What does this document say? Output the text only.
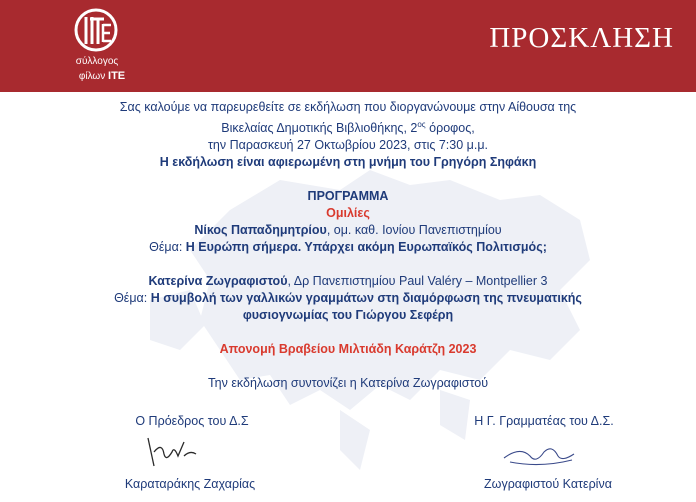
σύλλογος
φίλων ΙΤΕ
ΠΡΟΣΚΛΗΣΗ

Σας καλούμε να παρευρεθείτε σε εκδήλωση που διοργανώνουμε στην Αίθουσα της

Βικελαίας Δημοτικής Βιβλιοθήκης, $2^{o\varsigma}$ όροφος,

την Παρασκευή 27 Οκτωβρίου 2023, στις 7:30 μ.μ.

Η εκδήλωση είναι αφιερωμένη στη μνήμη του Γρηγόρη Σηφάκη

ΠΡΟΓΡΑΜΜΑ

Ομιλίες

Νίκος Παπαδημητρίου, ομ. καθ. Ιονίου Πανεπιστημίου

Θέμα: Η Ευρώπη σήμερα. Υπάρχει ακόμη Ευρωπαϊκός Πολιτισμός;

Κατερίνα Ζωγραφιστού, Δρ Πανεπιστημίου Paul Valéry – Montpellier 3

Θέμα: Η συμβολή των γαλλικών γραμμάτων στη διαμόρφωση της πνευματικής

φυσιογνωμίας του Γιώργου Σεφέρη

Απονομή Βραβείου Μιλτιάδη Καράτζη 2023

Την εκδήλωση συντονίζει η Κατερίνα Ζωγραφιστού

Ο Πρόεδρος του Δ.Σ	Η Γ. Γραμματέας του Δ.Σ.
Καραταράκης Ζαχαρίας	Ζωγραφιστού Κατερίνα
